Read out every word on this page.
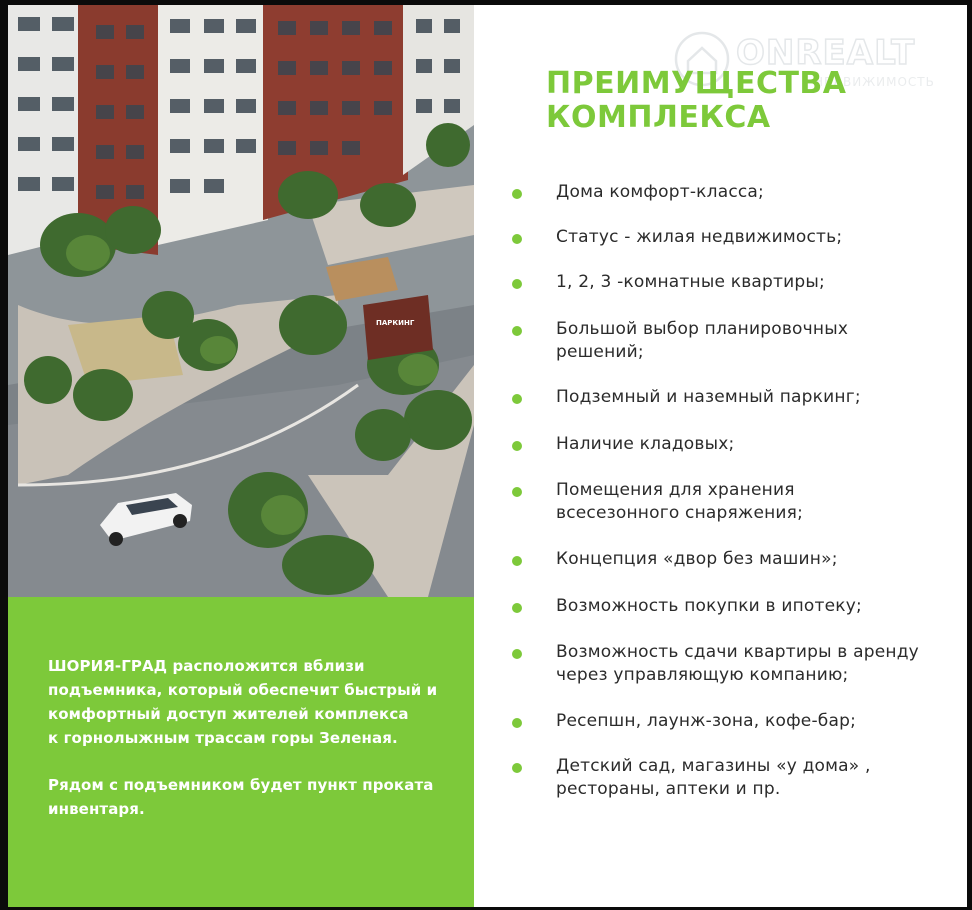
ПАРКИНГ

ШОРИЯ-ГРАД расположится вблизи
подъемника, который обеспечит быстрый и
комфортный доступ жителей комплекса
к горнолыжным трассам горы Зеленая.

Рядом с подъемником будет пункт проката
инвентаря.

ONREALT
НЕДВИЖИМОСТЬ
ПРЕИМУЩЕСТВА
КОМПЛЕКСА
Дома комфорт-класса;
Статус - жилая недвижимость;
1, 2, 3 -комнатные квартиры;
Большой выбор планировочных
решений;
Подземный и наземный паркинг;
Наличие кладовых;
Помещения для хранения
всесезонного снаряжения;
Концепция «двор без машин»;
Возможность покупки в ипотеку;
Возможность сдачи квартиры в аренду
через управляющую компанию;
Ресепшн, лаунж-зона, кофе-бар;
Детский сад, магазины «у дома» ,
рестораны, аптеки и пр.
